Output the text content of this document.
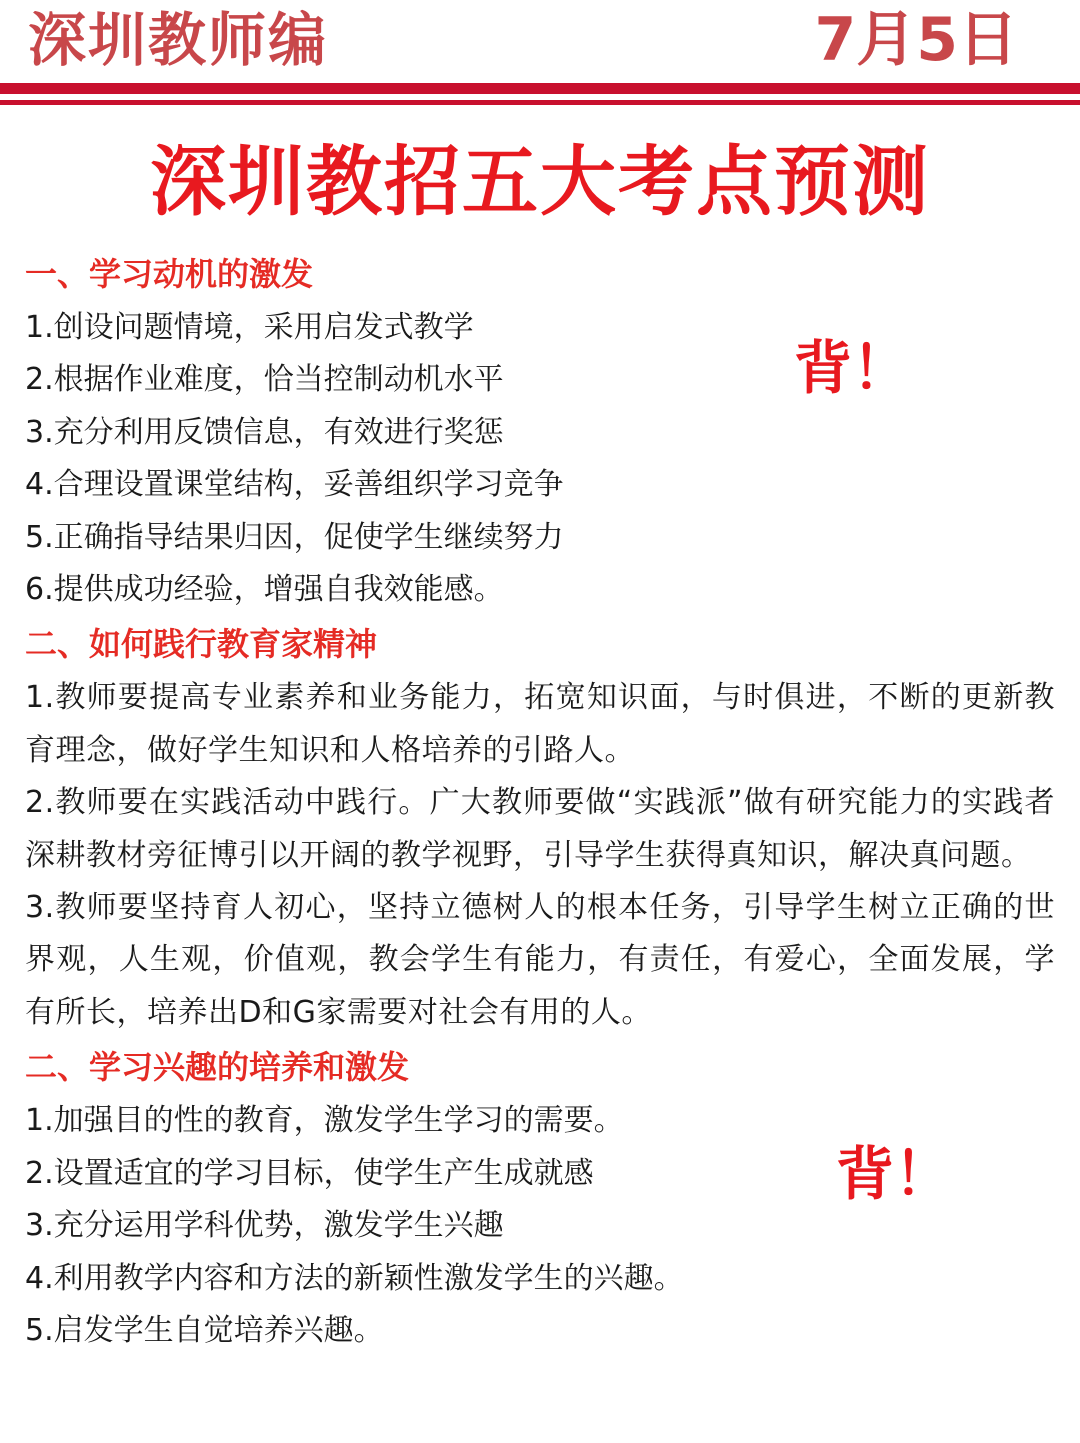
深圳教师编	7月5日
深圳教招五大考点预测
一、学习动机的激发
1.创设问题情境，采用启发式教学
2.根据作业难度，恰当控制动机水平
3.充分利用反馈信息，有效进行奖惩
4.合理设置课堂结构，妥善组织学习竞争
5.正确指导结果归因，促使学生继续努力
6.提供成功经验，增强自我效能感。
二、如何践行教育家精神
1.教师要提高专业素养和业务能力，拓宽知识面，与时俱进，不断的更新教育理念，做好学生知识和人格培养的引路人。
2.教师要在实践活动中践行。广大教师要做“实践派”做有研究能力的实践者深耕教材旁征博引以开阔的教学视野，引导学生获得真知识，解决真问题。
3.教师要坚持育人初心，坚持立德树人的根本任务，引导学生树立正确的世界观，人生观，价值观，教会学生有能力，有责任，有爱心，全面发展，学有所长，培养出D和G家需要对社会有用的人。
二、学习兴趣的培养和激发
1.加强目的性的教育，激发学生学习的需要。
2.设置适宜的学习目标，使学生产生成就感
3.充分运用学科优势，激发学生兴趣
4.利用教学内容和方法的新颖性激发学生的兴趣。
5.启发学生自觉培养兴趣。
背！
背！
